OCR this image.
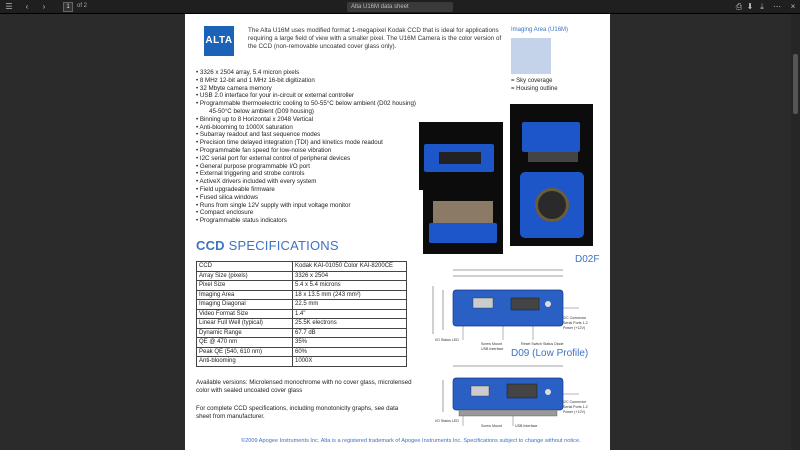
☰	‹	›	1	of 2	Alta U16M data sheet	⎙ ⬇ ⤓	⋯	×
ALTA
The Alta U16M uses modified format 1-megapixel Kodak CCD that is ideal for applications requiring a large field of view with a smaller pixel. The U16M Camera is the color version of the CCD (non-removable uncoated cover glass only).
Imaging Area (U16M)
= Sky coverage
= Housing outline
• 3326 x 2504 array, 5.4 micron pixels
• 8 MHz 12-bit and 1 MHz 16-bit digitization
• 32 Mbyte camera memory
• USB 2.0 interface for your in-circuit or external controller
• Programmable thermoelectric cooling to 50-55°C below ambient (D02 housing)
45-50°C below ambient (D09 housing)
• Binning up to 8 Horizontal x 2048 Vertical
• Anti-blooming to 1000X saturation
• Subarray readout and fast sequence modes
• Precision time delayed integration (TDI) and kinetics mode readout
• Programmable fan speed for low-noise vibration
• I2C serial port for external control of peripheral devices
• General purpose programmable I/O port
• External triggering and strobe controls
• ActiveX drivers included with every system
• Field upgradeable firmware
• Fused silica windows
• Runs from single 12V supply with input voltage monitor
• Compact enclosure
• Programmable status indicators
CCD SPECIFICATIONS
CCD	Kodak KAI-01050 Color KAI-8200CE
Array Size (pixels)	3326 x 2504
Pixel Size	5.4 x 5.4 microns
Imaging Area	18 x 13.5 mm (243 mm²)
Imaging Diagonal	22.5 mm
Video Format Size	1.4"
Linear Full Well (typical)	25.5K electrons
Dynamic Range	67.7 dB
QE @ 470 nm	35%
Peak QE (540, 610 nm)	60%
Anti-blooming	1000X
Available versions: Microlensed monochrome with no cover glass, microlensed color with sealed uncoated cover glass
For complete CCD specifications, including monotonicity graphs, see data sheet from manufacturer.
©2009 Apogee Instruments Inc. Alta is a registered trademark of Apogee Instruments Inc. Specifications subject to change without notice.
D02F
I2C Connector
Serial Ports 1-2
Reset Switch Status Diode
Screw Mount
USB Interface
I/O Status LED
Power (+12V)
D09 (Low Profile)
I2C Connector
Serial Ports 1-2
Screw Mount	USB Interface
I/O Status LED
Power (+12V)
